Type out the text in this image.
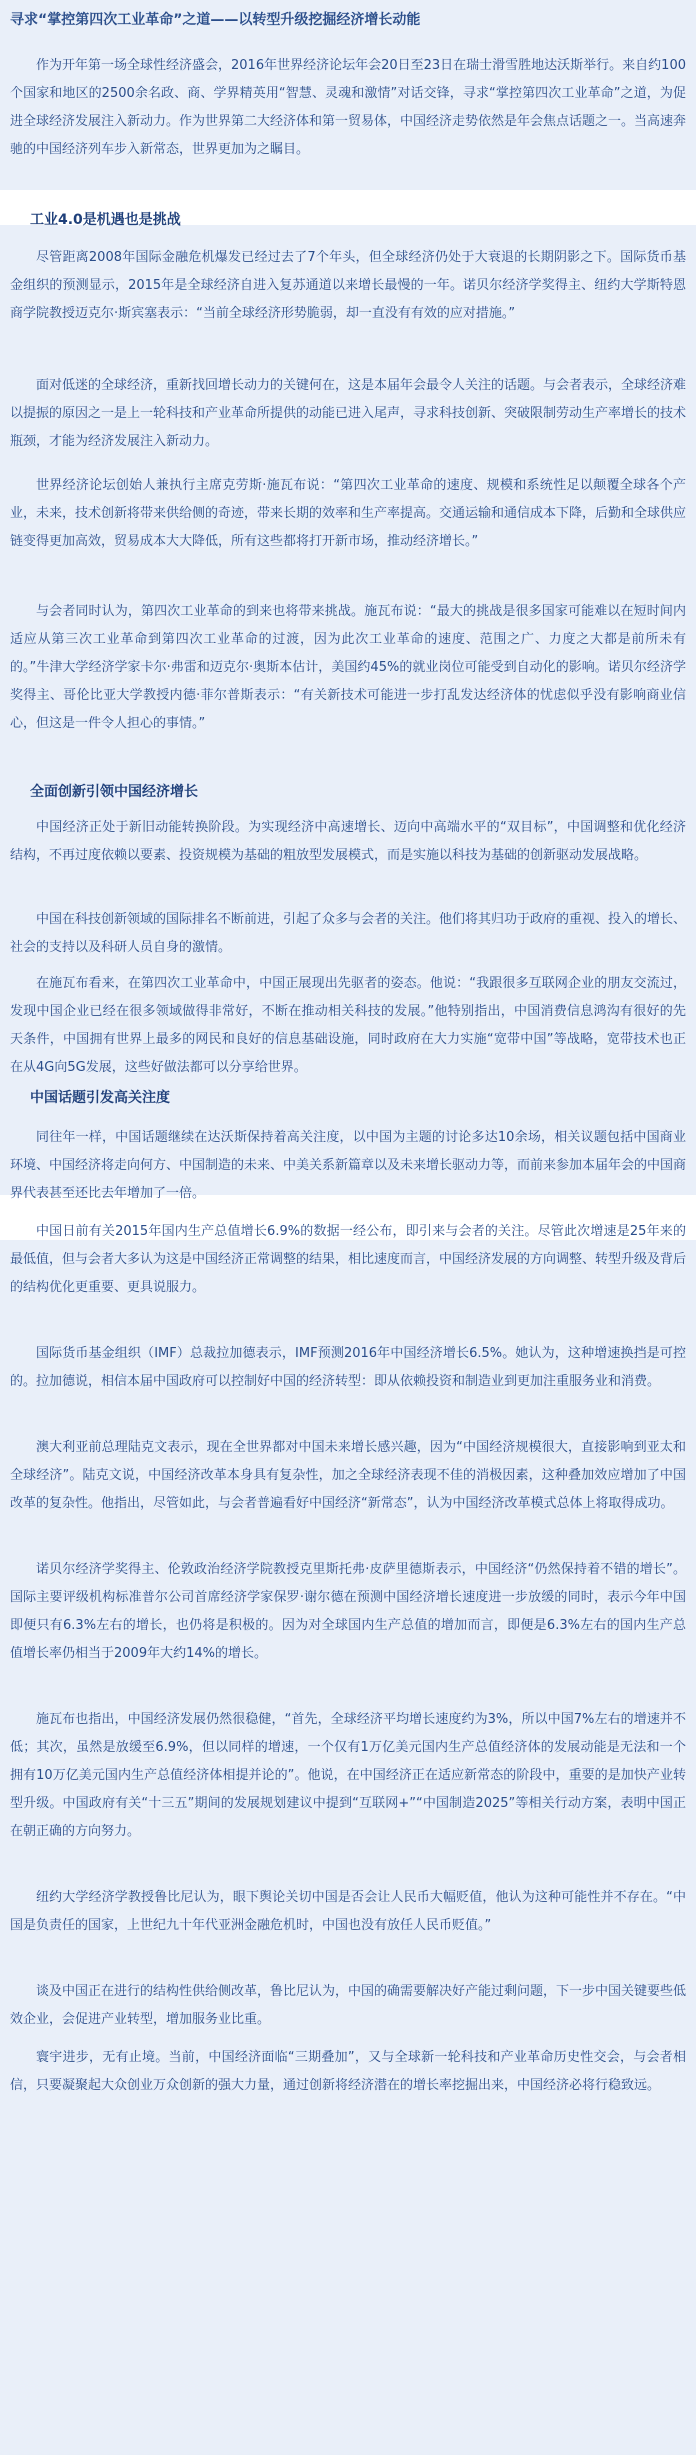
寻求“掌控第四次工业革命”之道——以转型升级挖掘经济增长动能

作为开年第一场全球性经济盛会，2016年世界经济论坛年会20日至23日在瑞士滑雪胜地达沃斯举行。来自约100个国家和地区的2500余名政、商、学界精英用“智慧、灵魂和激情”对话交锋，寻求“掌控第四次工业革命”之道，为促进全球经济发展注入新动力。作为世界第二大经济体和第一贸易体，中国经济走势依然是年会焦点话题之一。当高速奔驰的中国经济列车步入新常态，世界更加为之瞩目。

工业4.0是机遇也是挑战

尽管距离2008年国际金融危机爆发已经过去了7个年头，但全球经济仍处于大衰退的长期阴影之下。国际货币基金组织的预测显示，2015年是全球经济自进入复苏通道以来增长最慢的一年。诺贝尔经济学奖得主、纽约大学斯特恩商学院教授迈克尔·斯宾塞表示：“当前全球经济形势脆弱，却一直没有有效的应对措施。”

面对低迷的全球经济，重新找回增长动力的关键何在，这是本届年会最令人关注的话题。与会者表示，全球经济难以提振的原因之一是上一轮科技和产业革命所提供的动能已进入尾声，寻求科技创新、突破限制劳动生产率增长的技术瓶颈，才能为经济发展注入新动力。

世界经济论坛创始人兼执行主席克劳斯·施瓦布说：“第四次工业革命的速度、规模和系统性足以颠覆全球各个产业，未来，技术创新将带来供给侧的奇迹，带来长期的效率和生产率提高。交通运输和通信成本下降，后勤和全球供应链变得更加高效，贸易成本大大降低，所有这些都将打开新市场，推动经济增长。”

与会者同时认为，第四次工业革命的到来也将带来挑战。施瓦布说：“最大的挑战是很多国家可能难以在短时间内适应从第三次工业革命到第四次工业革命的过渡，因为此次工业革命的速度、范围之广、力度之大都是前所未有的。”牛津大学经济学家卡尔·弗雷和迈克尔·奥斯本估计，美国约45%的就业岗位可能受到自动化的影响。诺贝尔经济学奖得主、哥伦比亚大学教授内德·菲尔普斯表示：“有关新技术可能进一步打乱发达经济体的忧虑似乎没有影响商业信心，但这是一件令人担心的事情。”

全面创新引领中国经济增长

中国经济正处于新旧动能转换阶段。为实现经济中高速增长、迈向中高端水平的“双目标”，中国调整和优化经济结构，不再过度依赖以要素、投资规模为基础的粗放型发展模式，而是实施以科技为基础的创新驱动发展战略。

中国在科技创新领域的国际排名不断前进，引起了众多与会者的关注。他们将其归功于政府的重视、投入的增长、社会的支持以及科研人员自身的激情。

在施瓦布看来，在第四次工业革命中，中国正展现出先驱者的姿态。他说：“我跟很多互联网企业的朋友交流过，发现中国企业已经在很多领域做得非常好，不断在推动相关科技的发展。”他特别指出，中国消费信息鸿沟有很好的先天条件，中国拥有世界上最多的网民和良好的信息基础设施，同时政府在大力实施“宽带中国”等战略，宽带技术也正在从4G向5G发展，这些好做法都可以分享给世界。

中国话题引发高关注度

同往年一样，中国话题继续在达沃斯保持着高关注度，以中国为主题的讨论多达10余场，相关议题包括中国商业环境、中国经济将走向何方、中国制造的未来、中美关系新篇章以及未来增长驱动力等，而前来参加本届年会的中国商界代表甚至还比去年增加了一倍。

中国日前有关2015年国内生产总值增长6.9%的数据一经公布，即引来与会者的关注。尽管此次增速是25年来的最低值，但与会者大多认为这是中国经济正常调整的结果，相比速度而言，中国经济发展的方向调整、转型升级及背后的结构优化更重要、更具说服力。

国际货币基金组织（IMF）总裁拉加德表示，IMF预测2016年中国经济增长6.5%。她认为，这种增速换挡是可控的。拉加德说，相信本届中国政府可以控制好中国的经济转型：即从依赖投资和制造业到更加注重服务业和消费。

澳大利亚前总理陆克文表示，现在全世界都对中国未来增长感兴趣，因为“中国经济规模很大，直接影响到亚太和全球经济”。陆克文说，中国经济改革本身具有复杂性，加之全球经济表现不佳的消极因素，这种叠加效应增加了中国改革的复杂性。他指出，尽管如此，与会者普遍看好中国经济“新常态”，认为中国经济改革模式总体上将取得成功。

诺贝尔经济学奖得主、伦敦政治经济学院教授克里斯托弗·皮萨里德斯表示，中国经济“仍然保持着不错的增长”。国际主要评级机构标准普尔公司首席经济学家保罗·谢尔德在预测中国经济增长速度进一步放缓的同时，表示今年中国即便只有6.3%左右的增长，也仍将是积极的。因为对全球国内生产总值的增加而言，即便是6.3%左右的国内生产总值增长率仍相当于2009年大约14%的增长。

施瓦布也指出，中国经济发展仍然很稳健，“首先，全球经济平均增长速度约为3%，所以中国7%左右的增速并不低；其次，虽然是放缓至6.9%，但以同样的增速，一个仅有1万亿美元国内生产总值经济体的发展动能是无法和一个拥有10万亿美元国内生产总值经济体相提并论的”。他说，在中国经济正在适应新常态的阶段中，重要的是加快产业转型升级。中国政府有关“十三五”期间的发展规划建议中提到“互联网+”“中国制造2025”等相关行动方案，表明中国正在朝正确的方向努力。

纽约大学经济学教授鲁比尼认为，眼下舆论关切中国是否会让人民币大幅贬值，他认为这种可能性并不存在。“中国是负责任的国家，上世纪九十年代亚洲金融危机时，中国也没有放任人民币贬值。”

谈及中国正在进行的结构性供给侧改革，鲁比尼认为，中国的确需要解决好产能过剩问题，下一步中国关键要些低效企业，会促进产业转型，增加服务业比重。

寰宇进步，无有止境。当前，中国经济面临“三期叠加”，又与全球新一轮科技和产业革命历史性交会，与会者相信，只要凝聚起大众创业万众创新的强大力量，通过创新将经济潜在的增长率挖掘出来，中国经济必将行稳致远。
